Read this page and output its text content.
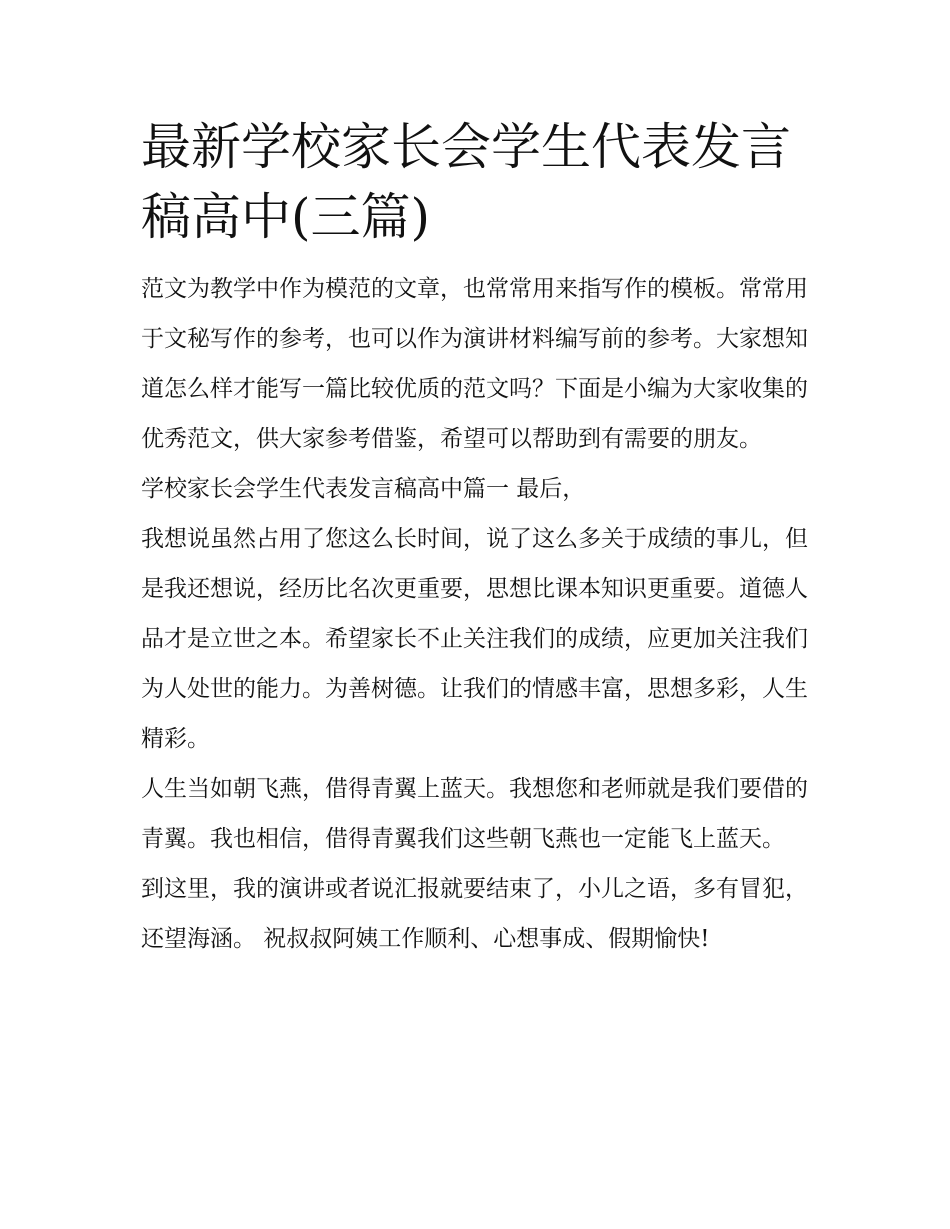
最新学校家长会学生代表发言稿高中(三篇)

范文为教学中作为模范的文章，也常常用来指写作的模板。常常用于文秘写作的参考，也可以作为演讲材料编写前的参考。大家想知道怎么样才能写一篇比较优质的范文吗？下面是小编为大家收集的优秀范文，供大家参考借鉴，希望可以帮助到有需要的朋友。

学校家长会学生代表发言稿高中篇一 最后，

我想说虽然占用了您这么长时间，说了这么多关于成绩的事儿，但是我还想说，经历比名次更重要，思想比课本知识更重要。道德人品才是立世之本。希望家长不止关注我们的成绩，应更加关注我们为人处世的能力。为善树德。让我们的情感丰富，思想多彩，人生精彩。

人生当如朝飞燕，借得青翼上蓝天。我想您和老师就是我们要借的青翼。我也相信，借得青翼我们这些朝飞燕也一定能飞上蓝天。

到这里，我的演讲或者说汇报就要结束了，小儿之语，多有冒犯，还望海涵。 祝叔叔阿姨工作顺利、心想事成、假期愉快!
